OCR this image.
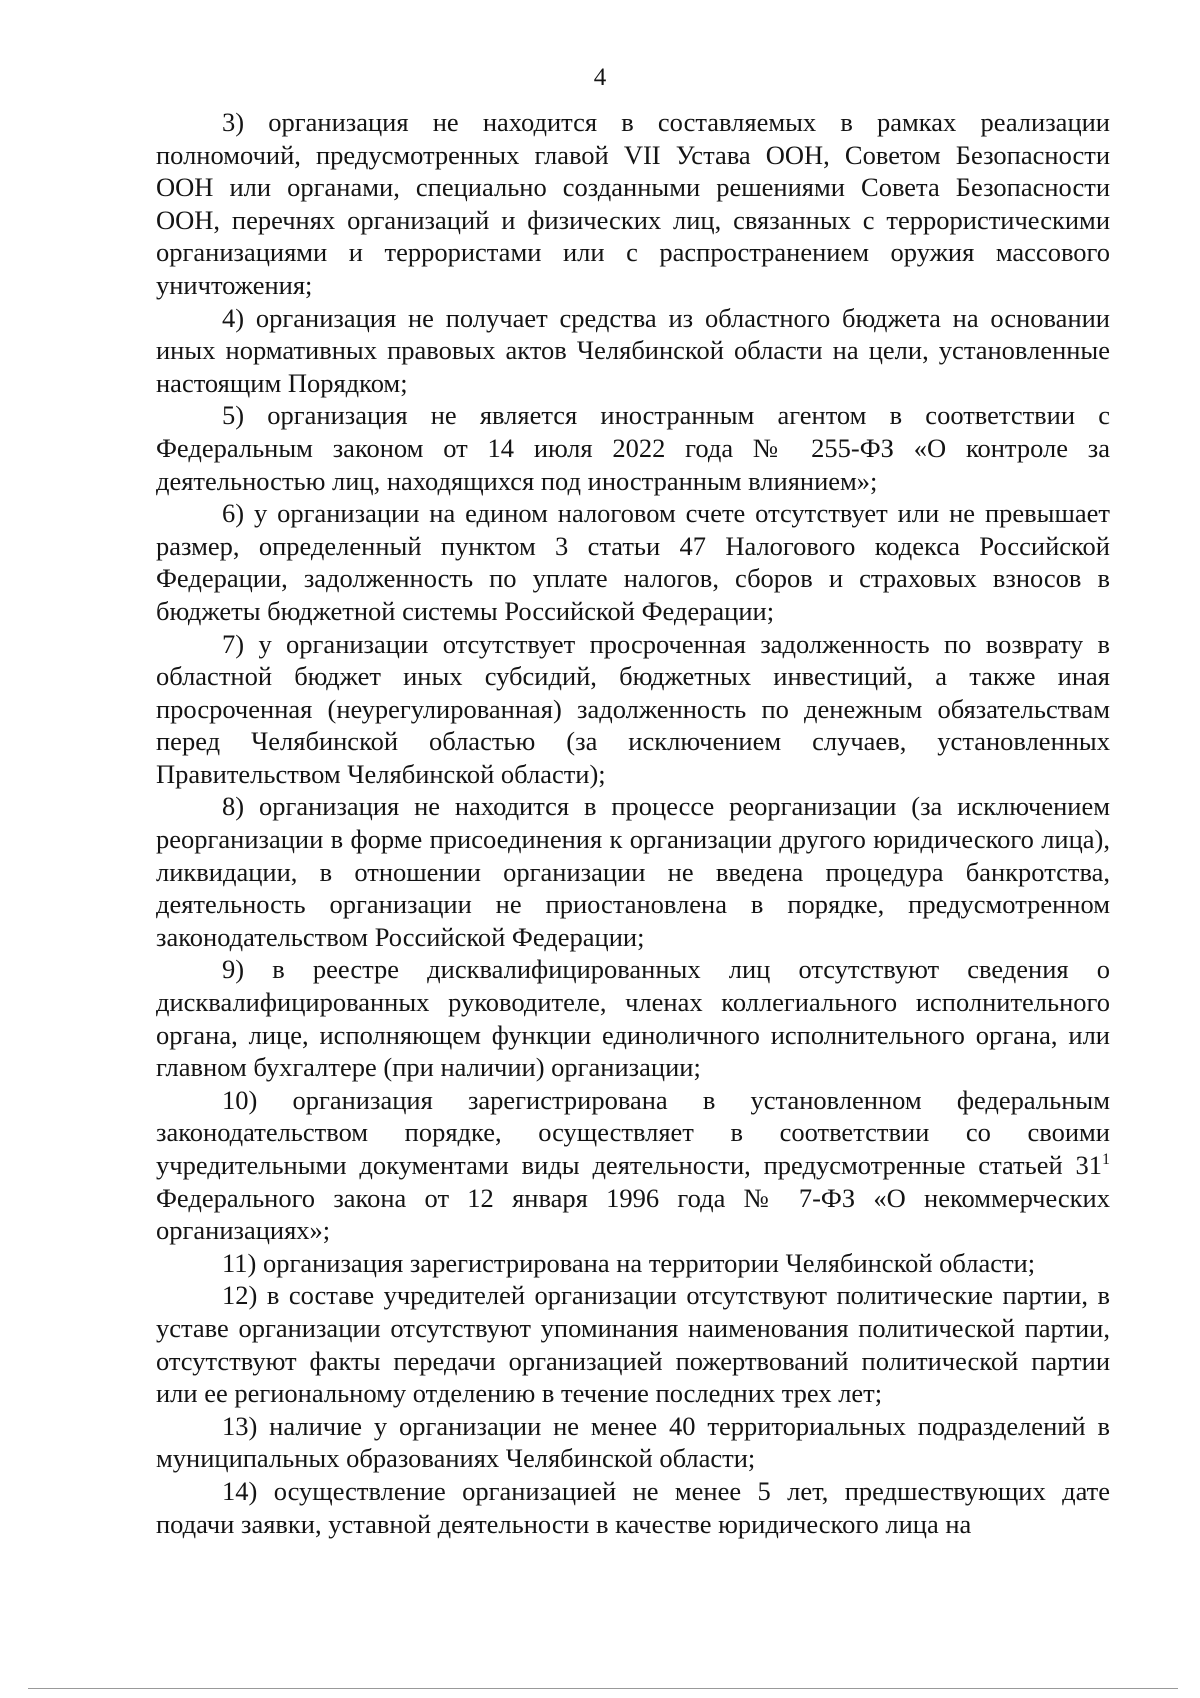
4

3) организация не находится в составляемых в рамках реализации полномочий, предусмотренных главой VII Устава ООН, Советом Безопасности ООН или органами, специально созданными решениями Совета Безопасности ООН, перечнях организаций и физических лиц, связанных с террористическими организациями и террористами или с распространением оружия массового уничтожения;

4) организация не получает средства из областного бюджета на основании иных нормативных правовых актов Челябинской области на цели, установленные настоящим Порядком;

5) организация не является иностранным агентом в соответствии с Федеральным законом от 14 июля 2022 года № 255-ФЗ «О контроле за деятельностью лиц, находящихся под иностранным влиянием»;

6) у организации на едином налоговом счете отсутствует или не превышает размер, определенный пунктом 3 статьи 47 Налогового кодекса Российской Федерации, задолженность по уплате налогов, сборов и страховых взносов в бюджеты бюджетной системы Российской Федерации;

7) у организации отсутствует просроченная задолженность по возврату в областной бюджет иных субсидий, бюджетных инвестиций, а также иная просроченная (неурегулированная) задолженность по денежным обязательствам перед Челябинской областью (за исключением случаев, установленных Правительством Челябинской области);

8) организация не находится в процессе реорганизации (за исключением реорганизации в форме присоединения к организации другого юридического лица), ликвидации, в отношении организации не введена процедура банкротства, деятельность организации не приостановлена в порядке, предусмотренном законодательством Российской Федерации;

9) в реестре дисквалифицированных лиц отсутствуют сведения о дисквалифицированных руководителе, членах коллегиального исполнительного органа, лице, исполняющем функции единоличного исполнительного органа, или главном бухгалтере (при наличии) организации;

10) организация зарегистрирована в установленном федеральным законодательством порядке, осуществляет в соответствии со своими учредительными документами виды деятельности, предусмотренные статьей $31^1$ Федерального закона от 12 января 1996 года № 7-ФЗ «О некоммерческих организациях»;

11) организация зарегистрирована на территории Челябинской области;

12) в составе учредителей организации отсутствуют политические партии, в уставе организации отсутствуют упоминания наименования политической партии, отсутствуют факты передачи организацией пожертвований политической партии или ее региональному отделению в течение последних трех лет;

13) наличие у организации не менее 40 территориальных подразделений в муниципальных образованиях Челябинской области;

14) осуществление организацией не менее 5 лет, предшествующих дате подачи заявки, уставной деятельности в качестве юридического лица на
